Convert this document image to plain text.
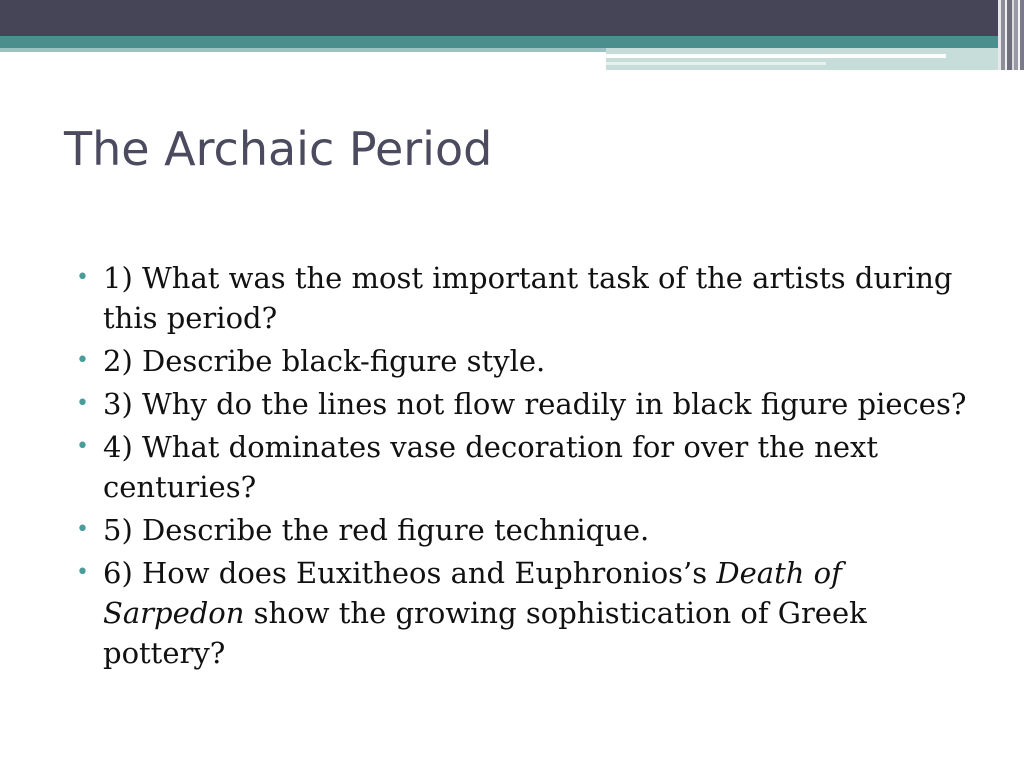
The Archaic Period
• 1) What was the most important task of the artists during this period?
• 2) Describe black-figure style.
• 3) Why do the lines not flow readily in black figure pieces?
• 4) What dominates vase decoration for over the next centuries?
• 5) Describe the red figure technique.
• 6) How does Euxitheos and Euphronios’s Death of Sarpedon show the growing sophistication of Greek pottery?
